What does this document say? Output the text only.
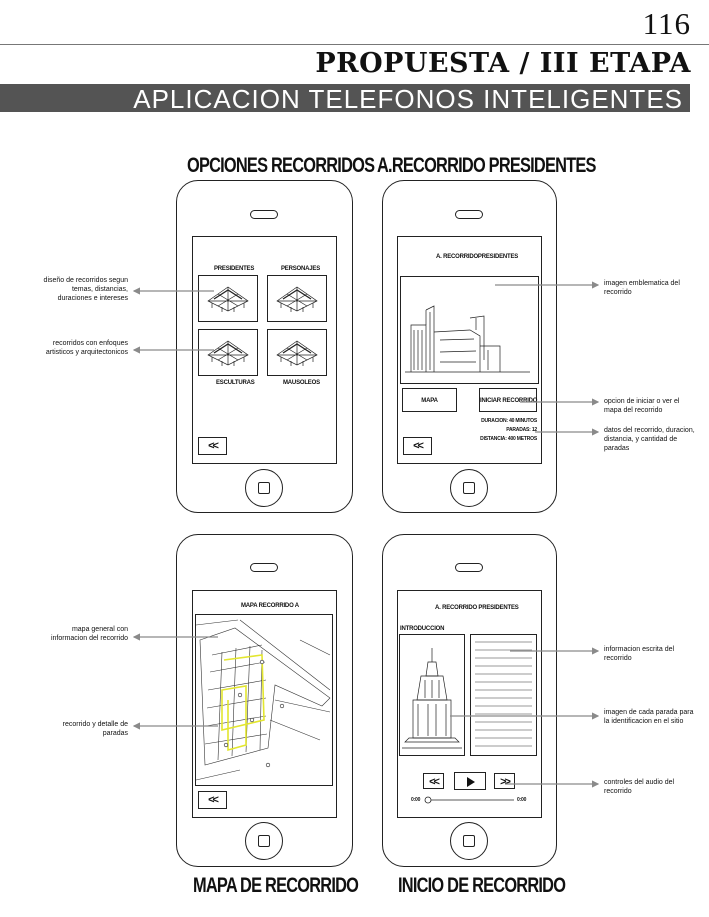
116
PROPUESTA / III ETAPA
APLICACION TELEFONOS INTELIGENTES
OPCIONES RECORRIDOS A.RECORRIDO PRESIDENTES
MAPA DE RECORRIDO INICIO DE RECORRIDO
PRESIDENTES	PERSONAJES
ESCULTURAS	MAUSOLEOS
<<
A. RECORRIDOPRESIDENTES
MAPA	INICIAR RECORRIDO
DURACION: 40 MINUTOS
PARADAS: 12
DISTANCIA: 400 METROS
<<
MAPA RECORRIDO A
<<
A. RECORRIDO PRESIDENTES
INTRODUCCION
<<	>>
0:00	0:00
diseño de recorridos segun temas, distancias, duraciones e intereses
recorridos con enfoques artisticos y arquitectonicos
imagen emblematica del recorrido
opcion de iniciar o ver el mapa del recorrido
datos del recorrido, duracion, distancia, y cantidad de paradas
mapa general con informacion del recorrido
recorrido y detalle de paradas
informacion escrita del recorrido
imagen de cada parada para la identificacion en el sitio
controles del audio del recorrido
